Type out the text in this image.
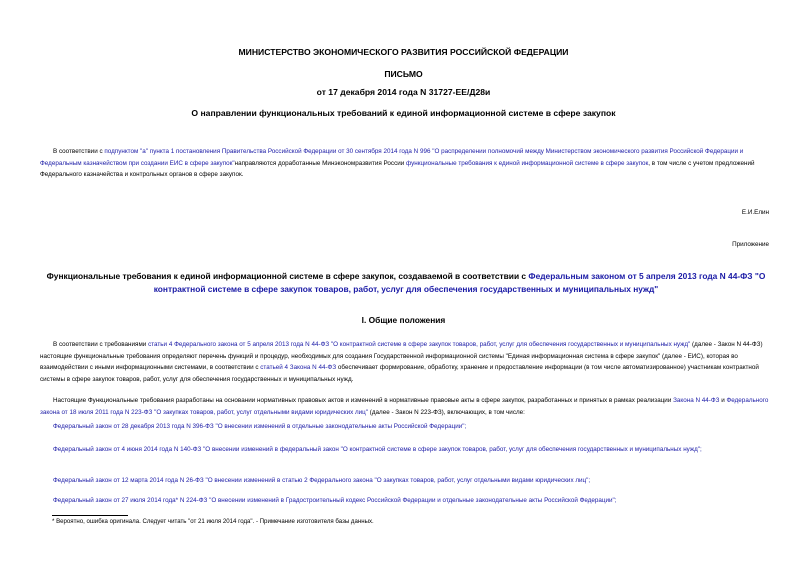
МИНИСТЕРСТВО ЭКОНОМИЧЕСКОГО РАЗВИТИЯ РОССИЙСКОЙ ФЕДЕРАЦИИ
ПИСЬМО
от 17 декабря 2014 года N 31727-ЕЕ/Д28и
О направлении функциональных требований к единой информационной системе в сфере закупок
В соответствии с подпунктом "а" пункта 1 постановления Правительства Российской Федерации от 30 сентября 2014 года N 996 "О распределении полномочий между Министерством экономического развития Российской Федерации и Федеральным казначейством при создании ЕИС в сфере закупок"направляются доработанные Минэкономразвития России функциональные требования к единой информационной системе в сфере закупок, в том числе с учетом предложений Федерального казначейства и контрольных органов в сфере закупок.
Е.И.Елин
Приложение
Функциональные требования к единой информационной системе в сфере закупок, создаваемой в соответствии с Федеральным законом от 5 апреля 2013 года N 44-ФЗ "О контрактной системе в сфере закупок товаров, работ, услуг для обеспечения государственных и муниципальных нужд"
I. Общие положения
В соответствии с требованиями статьи 4 Федерального закона от 5 апреля 2013 года N 44-ФЗ "О контрактной системе в сфере закупок товаров, работ, услуг для обеспечения государственных и муниципальных нужд" (далее - Закон N 44-ФЗ) настоящие функциональные требования определяют перечень функций и процедур, необходимых для создания Государственной информационной системы "Единая информационная система в сфере закупок" (далее - ЕИС), которая во взаимодействии с иными информационными системами, в соответствии с статьей 4 Закона N 44-ФЗ обеспечивает формирование, обработку, хранение и предоставление информации (в том числе автоматизированное) участникам контрактной системы в сфере закупок товаров, работ, услуг для обеспечения государственных и муниципальных нужд.
Настоящие Функциональные требования разработаны на основании нормативных правовых актов и изменений в нормативные правовые акты в сфере закупок, разработанных и принятых в рамках реализации Закона N 44-ФЗ и Федерального закона от 18 июля 2011 года N 223-ФЗ "О закупках товаров, работ, услуг отдельными видами юридических лиц" (далее - Закон N 223-ФЗ), включающих, в том числе:
Федеральный закон от 28 декабря 2013 года N 396-ФЗ "О внесении изменений в отдельные законодательные акты Российской Федерации";
Федеральный закон от 4 июня 2014 года N 140-ФЗ "О внесении изменений в федеральный закон "О контрактной системе в сфере закупок товаров, работ, услуг для обеспечения государственных и муниципальных нужд";
Федеральный закон от 12 марта 2014 года N 26-ФЗ "О внесении изменений в статью 2 Федерального закона "О закупках товаров, работ, услуг отдельными видами юридических лиц";
Федеральный закон от 27 июля 2014 года* N 224-ФЗ "О внесении изменений в Градостроительный кодекс Российской Федерации и отдельные законодательные акты Российской Федерации";
* Вероятно, ошибка оригинала. Следует читать "от 21 июля 2014 года". - Примечание изготовителя базы данных.
